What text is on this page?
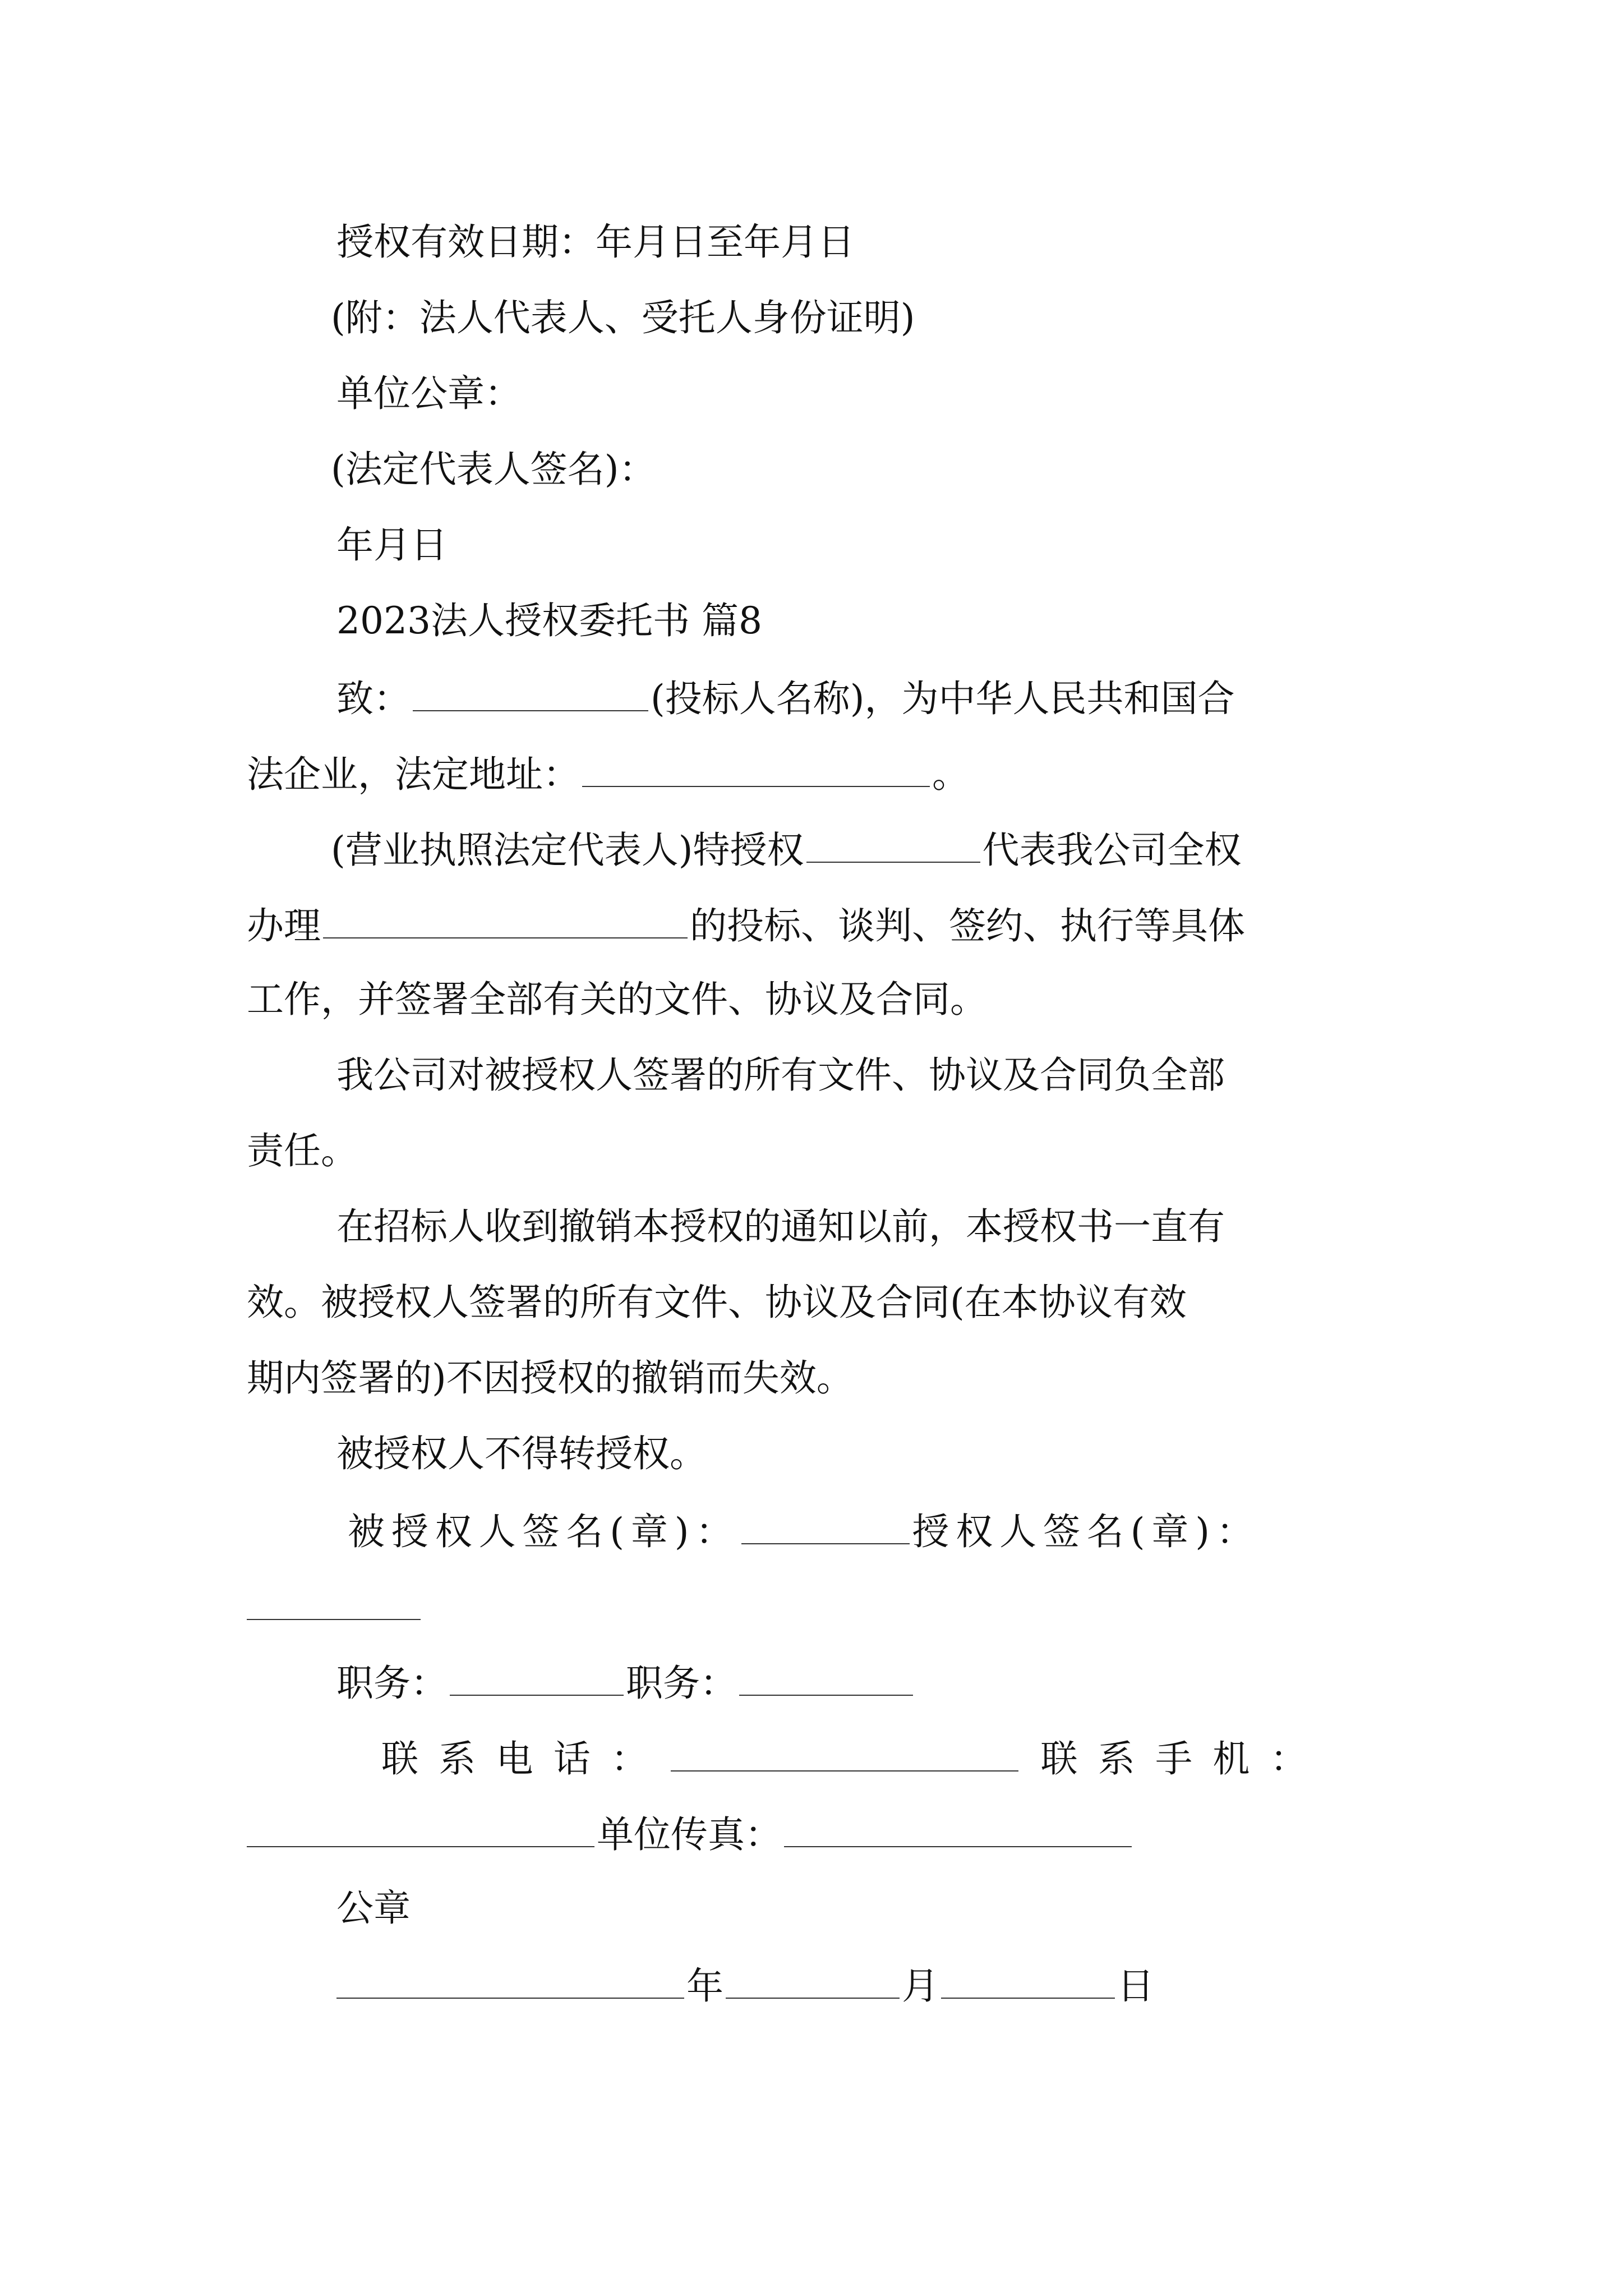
授权有效日期：年月日至年月日
(附：法人代表人、受托人身份证明)
单位公章：
(法定代表人签名)：
年月日
2023法人授权委托书 篇8
致：	(投标人名称)，为中华人民共和国合
法企业，法定地址：	。
(营业执照法定代表人)特授权	代表我公司全权
办理	的投标、谈判、签约、执行等具体
工作，并签署全部有关的文件、协议及合同。
我公司对被授权人签署的所有文件、协议及合同负全部
责任。
在招标人收到撤销本授权的通知以前，本授权书一直有
效。被授权人签署的所有文件、协议及合同(在本协议有效
期内签署的)不因授权的撤销而失效。
被授权人不得转授权。
被授权人签名(章)：	授权人签名(章)：
职务：	职务：
联系电话：	联系手机：
单位传真：
公章
年	月	日
